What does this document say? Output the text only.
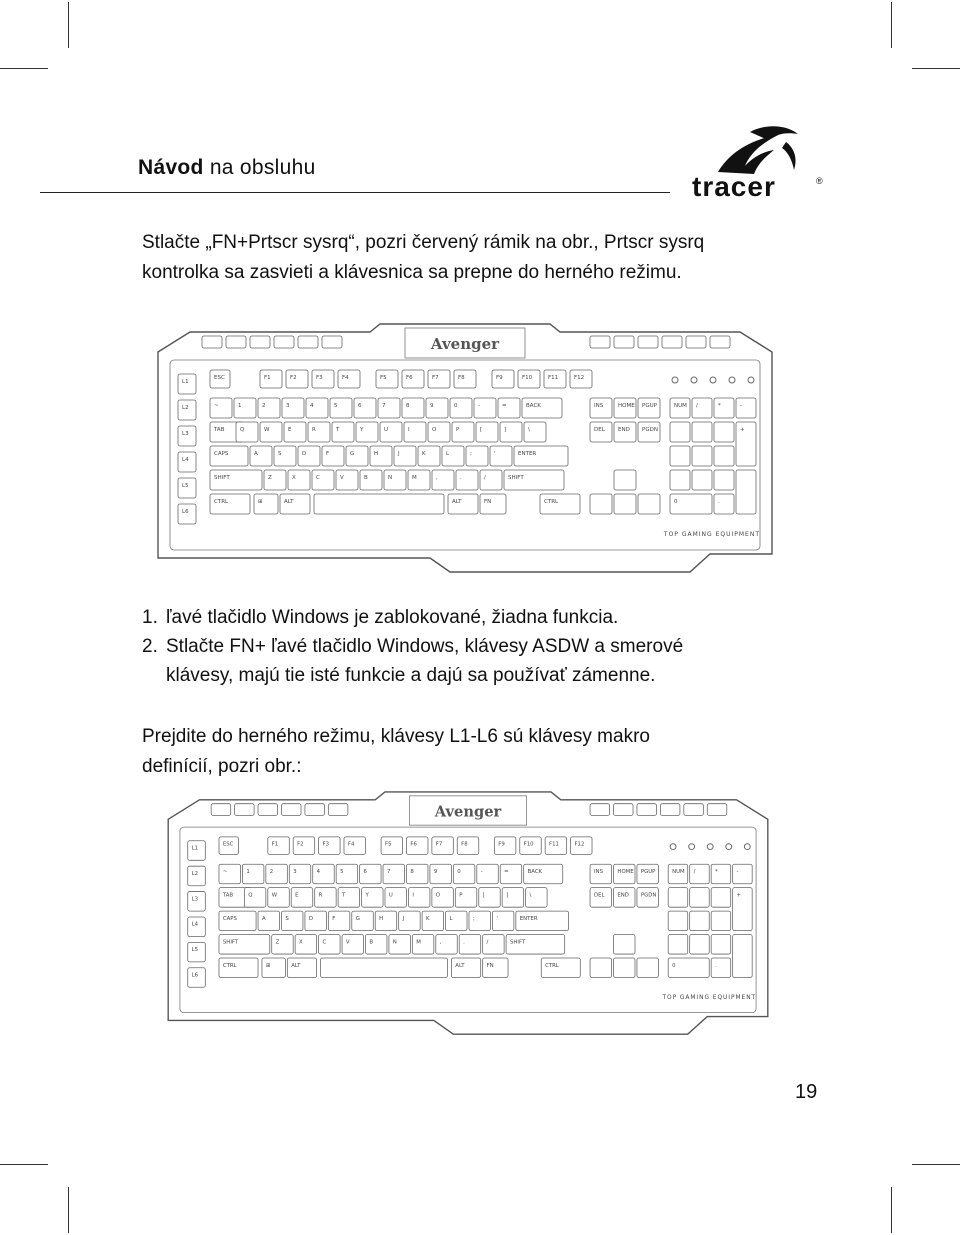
Návod na obsluhu
tracer	®

Stlačte „FN+Prtscr sysrq“, pozri červený rámik na obr., Prtscr sysrq
kontrolka sa zasvieti a klávesnica sa prepne do herného režimu.

Avenger
L1
L2
L3
L4
L5
L6
ESC	F1	F2	F3	F4	F5	F6	F7	F8	F9	F10	F11	F12
~	1	2	3	4	5	6	7	8	9	0	-	=	BACK
TAB	Q	W	E	R	T	Y	U	I	O	P	[	]	\
CAPS	A	S	D	F	G	H	J	K	L	;	'	ENTER
SHIFT	Z	X	C	V	B	N	M	,	.	/	SHIFT
CTRL	⊞	ALT	ALT	FN	CTRL
INS	HOME PGUP
DEL END PGDN
NUM /	*	-
+
0	.
TOP GAMING EQUIPMENT
1. ľavé tlačidlo Windows je zablokované, žiadna funkcia.
2. Stlačte FN+ ľavé tlačidlo Windows, klávesy ASDW a smerové
klávesy, majú tie isté funkcie a dajú sa používať zámenne.

Prejdite do herného režimu, klávesy L1-L6 sú klávesy makro
definícií, pozri obr.:

Avenger
L1
L2
L3
L4
L5
L6
ESC	F1	F2	F3	F4	F5	F6	F7	F8	F9	F10	F11	F12
~	1	2	3	4	5	6	7	8	9	0	-	=	BACK
TAB	Q	W	E	R	T	Y	U	I	O	P	[	]	\
CAPS	A	S	D	F	G	H	J	K	L	;	'	ENTER
SHIFT	Z	X	C	V	B	N	M	,	.	/	SHIFT
CTRL	⊞	ALT	ALT	FN	CTRL
INS	HOME PGUP
DEL END PGDN
NUM /	*	-
+
0	.
TOP GAMING EQUIPMENT
19
